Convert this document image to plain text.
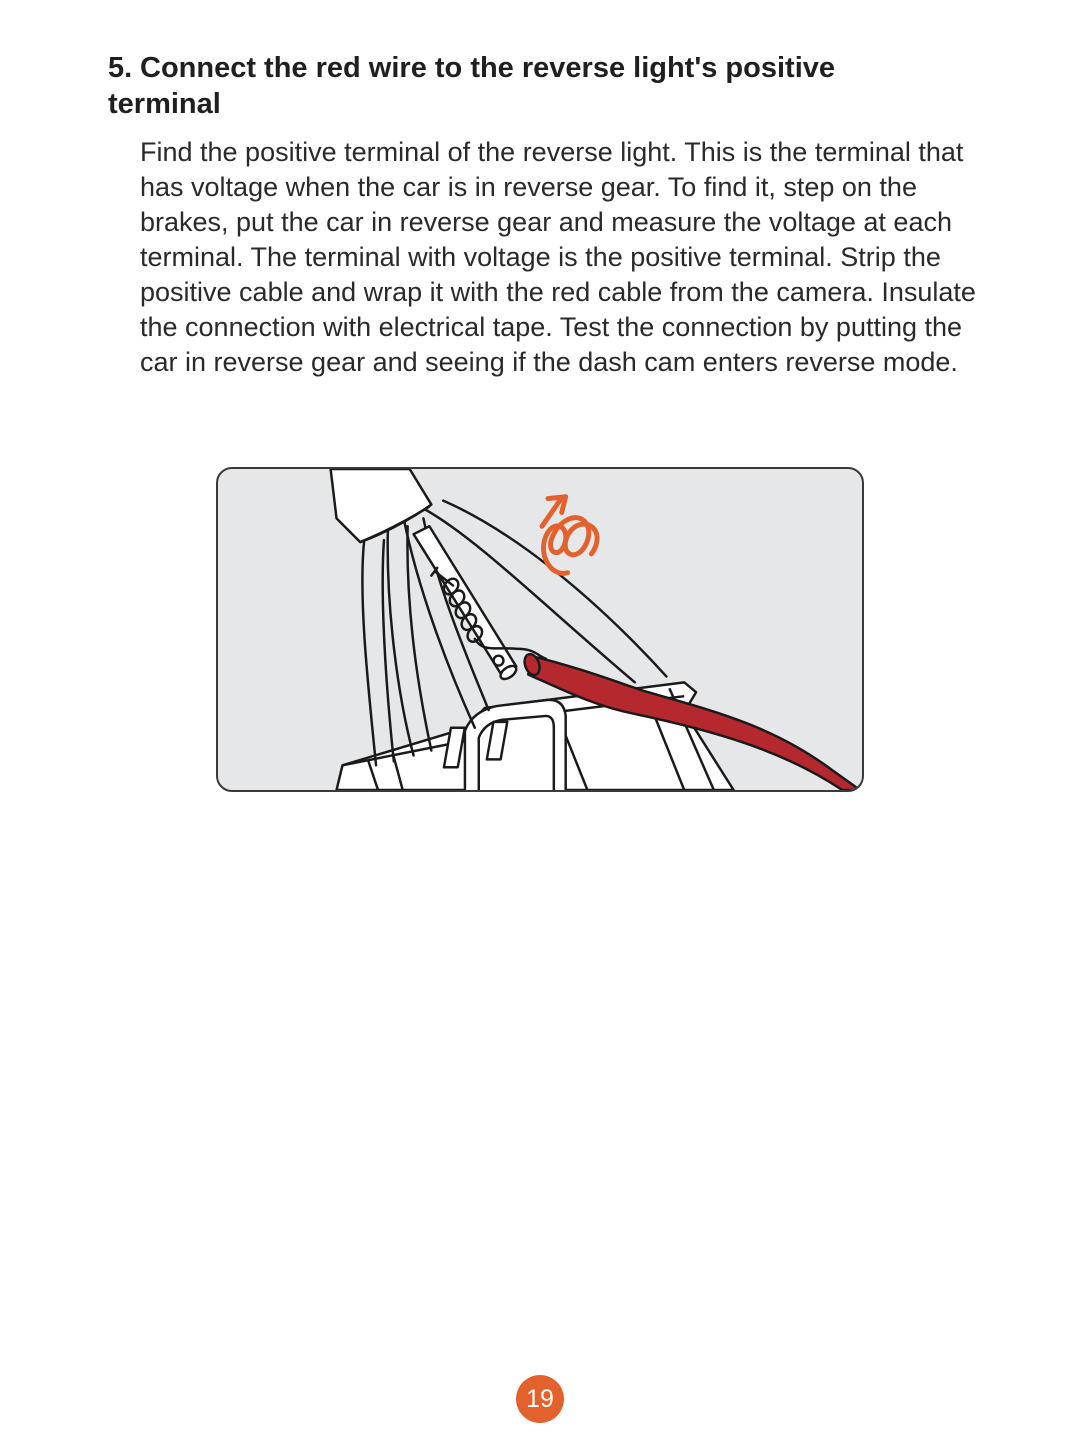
5. Connect the red wire to the reverse light's positive terminal

Find the positive terminal of the reverse light. This is the terminal that has voltage when the car is in reverse gear. To find it, step on the brakes, put the car in reverse gear and measure the voltage at each terminal. The terminal with voltage is the positive terminal. Strip the positive cable and wrap it with the red cable from the camera. Insulate the connection with electrical tape. Test the connection by putting the car in reverse gear and seeing if the dash cam enters reverse mode.

19
